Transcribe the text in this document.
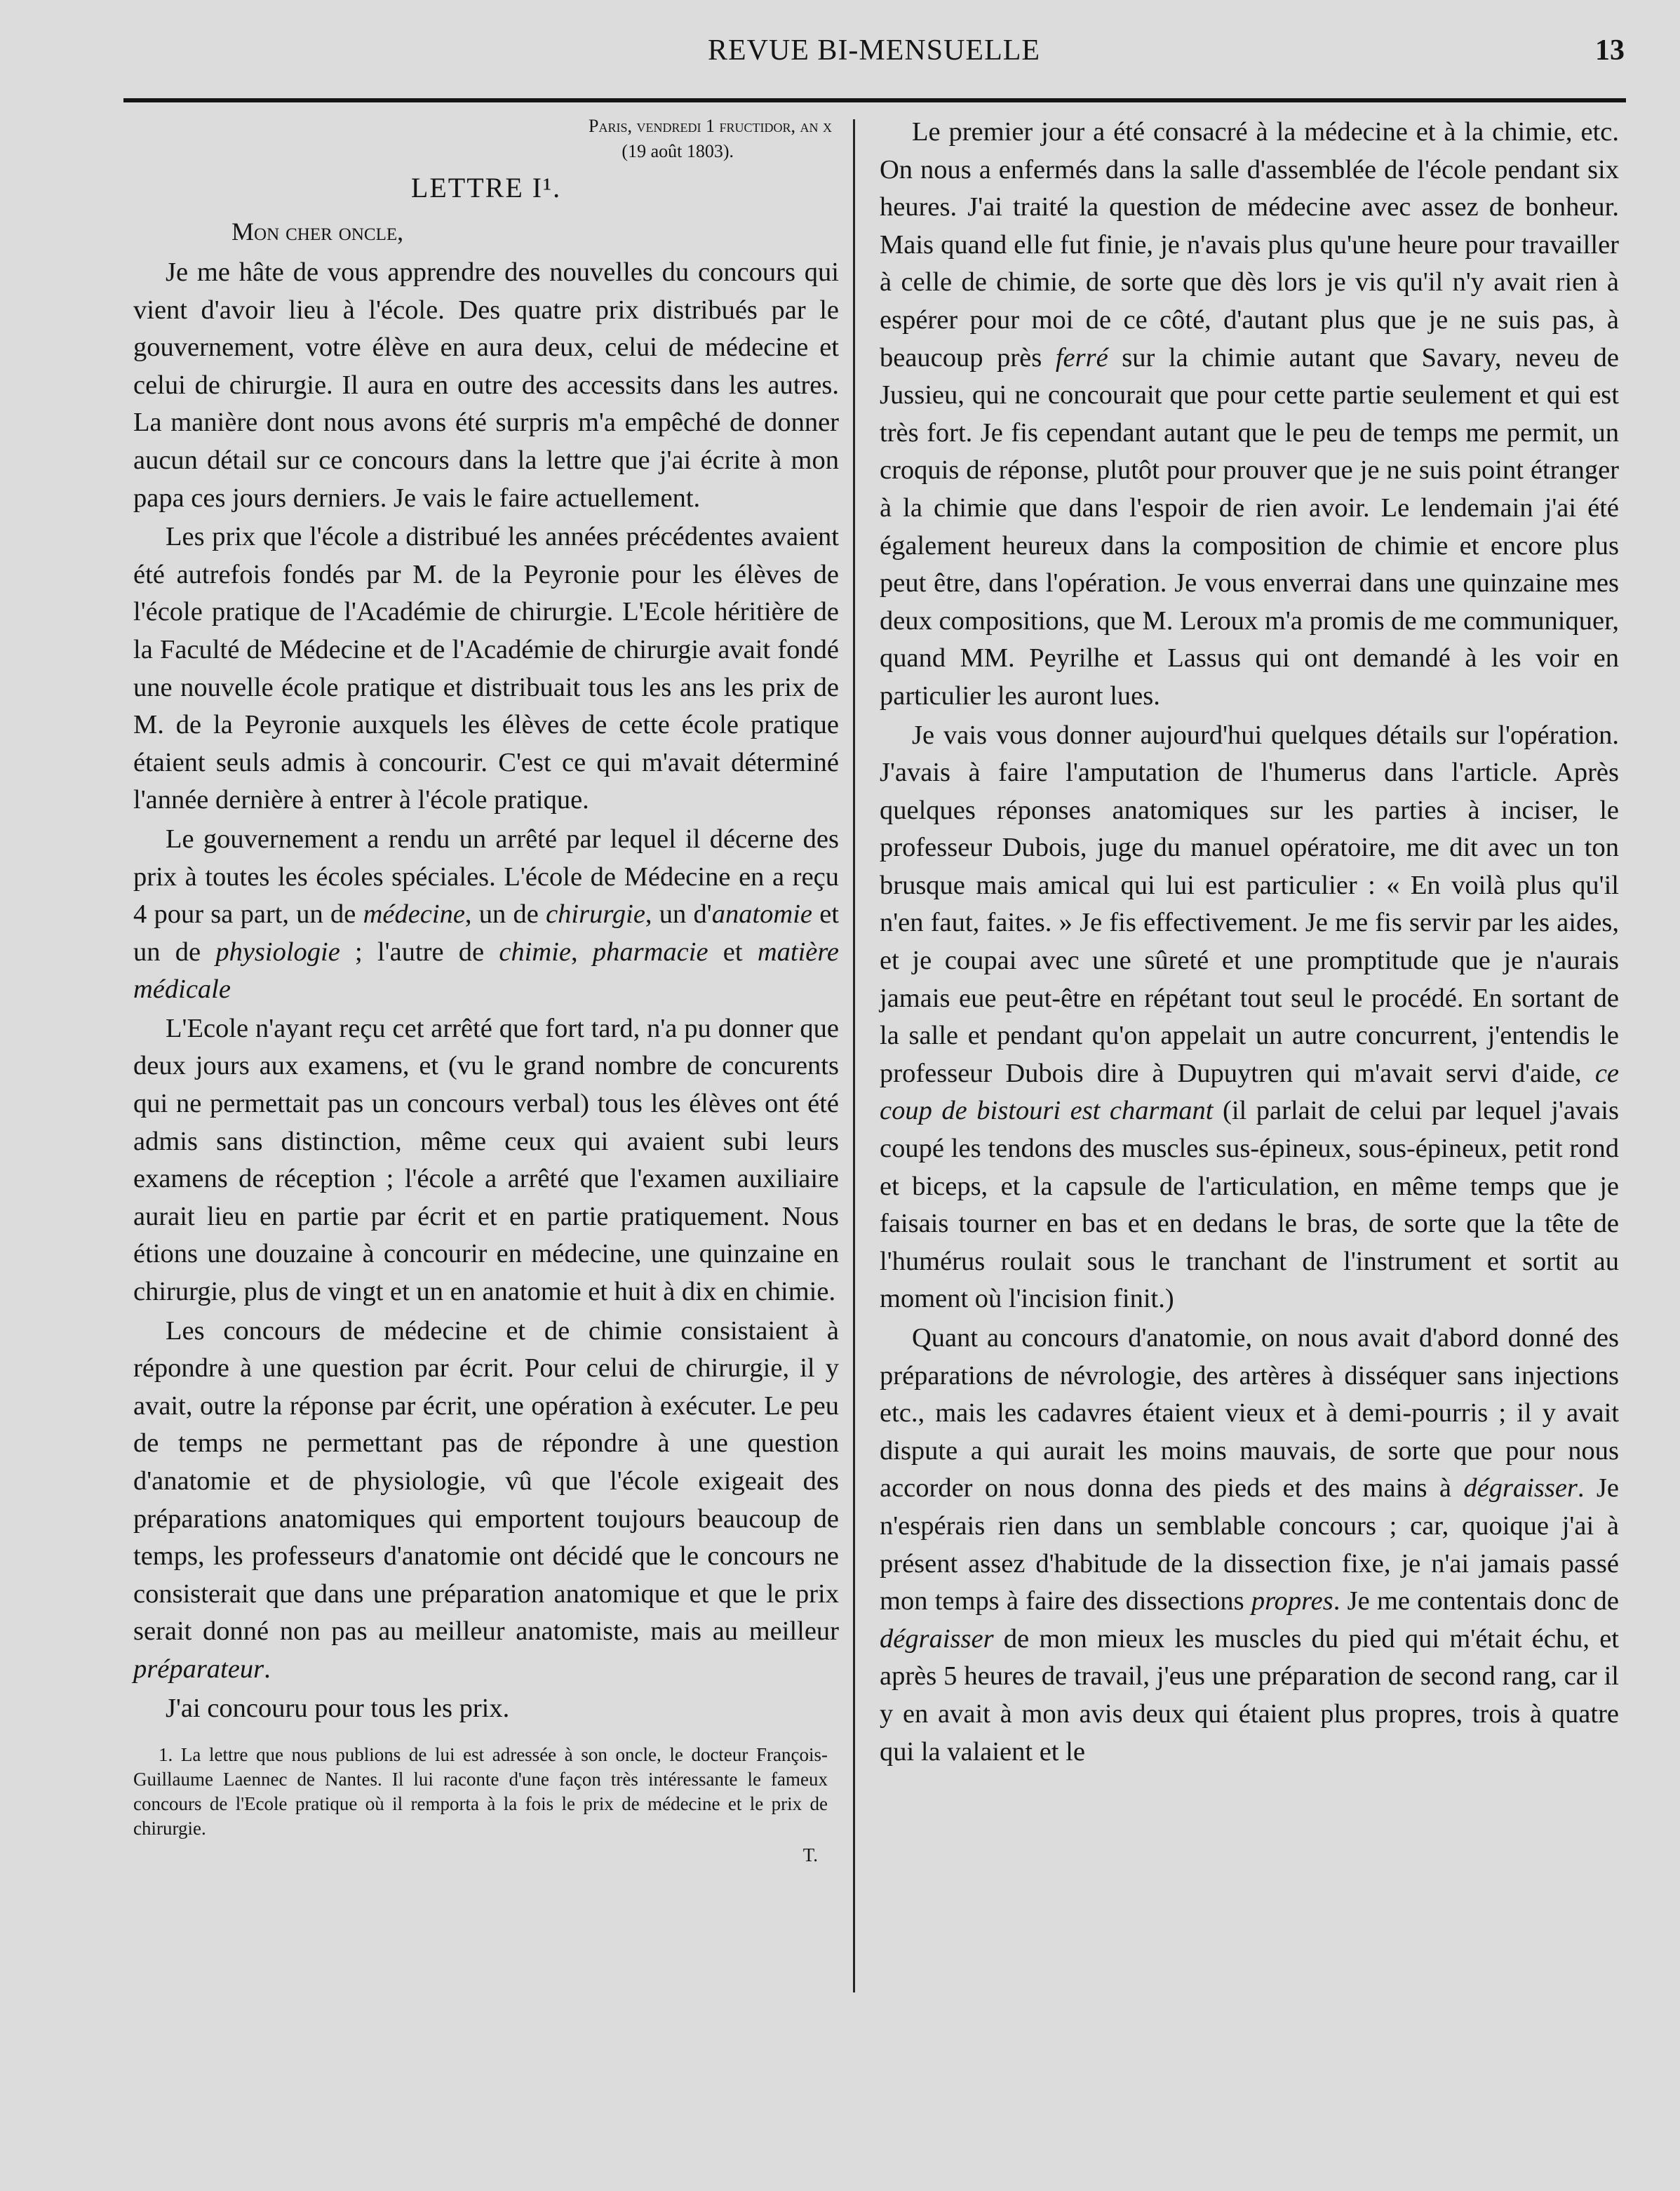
REVUE BI-MENSUELLE	13
Paris, vendredi 1 fructidor, an x
(19 août 1803).
LETTRE I¹.
Mon cher oncle,

Je me hâte de vous apprendre des nouvelles du concours qui vient d'avoir lieu à l'école. Des quatre prix distribués par le gouvernement, votre élève en aura deux, celui de médecine et celui de chirurgie. Il aura en outre des accessits dans les autres. La manière dont nous avons été surpris m'a empêché de donner aucun détail sur ce concours dans la lettre que j'ai écrite à mon papa ces jours derniers. Je vais le faire actuellement.

Les prix que l'école a distribué les années précédentes avaient été autrefois fondés par M. de la Peyronie pour les élèves de l'école pratique de l'Académie de chirurgie. L'Ecole héritière de la Faculté de Médecine et de l'Académie de chirurgie avait fondé une nouvelle école pratique et distribuait tous les ans les prix de M. de la Peyronie auxquels les élèves de cette école pratique étaient seuls admis à concourir. C'est ce qui m'avait déterminé l'année dernière à entrer à l'école pratique.

Le gouvernement a rendu un arrêté par lequel il décerne des prix à toutes les écoles spéciales. L'école de Médecine en a reçu 4 pour sa part, un de médecine, un de chirurgie, un d'anatomie et un de physiologie ; l'autre de chimie, pharmacie et matière médicale

L'Ecole n'ayant reçu cet arrêté que fort tard, n'a pu donner que deux jours aux examens, et (vu le grand nombre de concurents qui ne permettait pas un concours verbal) tous les élèves ont été admis sans distinction, même ceux qui avaient subi leurs examens de réception ; l'école a arrêté que l'examen auxiliaire aurait lieu en partie par écrit et en partie pratiquement. Nous étions une douzaine à concourir en médecine, une quinzaine en chirurgie, plus de vingt et un en anatomie et huit à dix en chimie.

Les concours de médecine et de chimie consistaient à répondre à une question par écrit. Pour celui de chirurgie, il y avait, outre la réponse par écrit, une opération à exécuter. Le peu de temps ne permettant pas de répondre à une question d'anatomie et de physiologie, vû que l'école exigeait des préparations anatomiques qui emportent toujours beaucoup de temps, les professeurs d'anatomie ont décidé que le concours ne consisterait que dans une préparation anatomique et que le prix serait donné non pas au meilleur anatomiste, mais au meilleur préparateur.

J'ai concouru pour tous les prix.

1. La lettre que nous publions de lui est adressée à son oncle, le docteur François-Guillaume Laennec de Nantes. Il lui raconte d'une façon très intéressante le fameux concours de l'Ecole pratique où il remporta à la fois le prix de médecine et le prix de chirurgie.
T.

Le premier jour a été consacré à la médecine et à la chimie, etc. On nous a enfermés dans la salle d'assemblée de l'école pendant six heures. J'ai traité la question de médecine avec assez de bonheur. Mais quand elle fut finie, je n'avais plus qu'une heure pour travailler à celle de chimie, de sorte que dès lors je vis qu'il n'y avait rien à espérer pour moi de ce côté, d'autant plus que je ne suis pas, à beaucoup près ferré sur la chimie autant que Savary, neveu de Jussieu, qui ne concourait que pour cette partie seulement et qui est très fort. Je fis cependant autant que le peu de temps me permit, un croquis de réponse, plutôt pour prouver que je ne suis point étranger à la chimie que dans l'espoir de rien avoir. Le lendemain j'ai été également heureux dans la composition de chimie et encore plus peut être, dans l'opération. Je vous enverrai dans une quinzaine mes deux compositions, que M. Leroux m'a promis de me communiquer, quand MM. Peyrilhe et Lassus qui ont demandé à les voir en particulier les auront lues.

Je vais vous donner aujourd'hui quelques détails sur l'opération. J'avais à faire l'amputation de l'humerus dans l'article. Après quelques réponses anatomiques sur les parties à inciser, le professeur Dubois, juge du manuel opératoire, me dit avec un ton brusque mais amical qui lui est particulier : « En voilà plus qu'il n'en faut, faites. » Je fis effectivement. Je me fis servir par les aides, et je coupai avec une sûreté et une promptitude que je n'aurais jamais eue peut-être en répétant tout seul le procédé. En sortant de la salle et pendant qu'on appelait un autre concurrent, j'entendis le professeur Dubois dire à Dupuytren qui m'avait servi d'aide, ce coup de bistouri est charmant (il parlait de celui par lequel j'avais coupé les tendons des muscles sus-épineux, sous-épineux, petit rond et biceps, et la capsule de l'articulation, en même temps que je faisais tourner en bas et en dedans le bras, de sorte que la tête de l'humérus roulait sous le tranchant de l'instrument et sortit au moment où l'incision finit.)

Quant au concours d'anatomie, on nous avait d'abord donné des préparations de névrologie, des artères à disséquer sans injections etc., mais les cadavres étaient vieux et à demi-pourris ; il y avait dispute a qui aurait les moins mauvais, de sorte que pour nous accorder on nous donna des pieds et des mains à dégraisser. Je n'espérais rien dans un semblable concours ; car, quoique j'ai à présent assez d'habitude de la dissection fixe, je n'ai jamais passé mon temps à faire des dissections propres. Je me contentais donc de dégraisser de mon mieux les muscles du pied qui m'était échu, et après 5 heures de travail, j'eus une préparation de second rang, car il y en avait à mon avis deux qui étaient plus propres, trois à quatre qui la valaient et le
